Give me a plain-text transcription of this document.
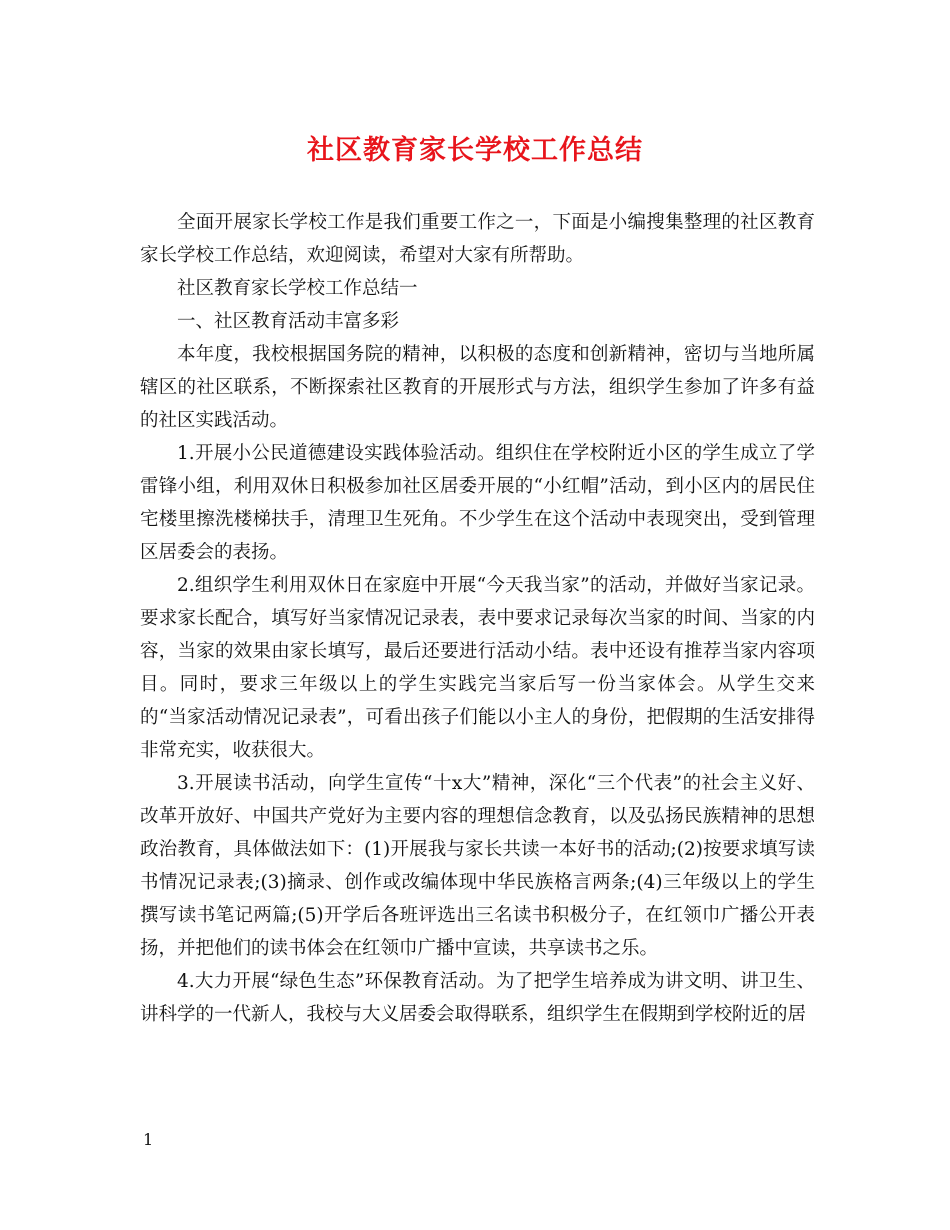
社区教育家长学校工作总结

全面开展家长学校工作是我们重要工作之一，下面是小编搜集整理的社区教育家长学校工作总结，欢迎阅读，希望对大家有所帮助。

社区教育家长学校工作总结一

一、社区教育活动丰富多彩

本年度，我校根据国务院的精神，以积极的态度和创新精神，密切与当地所属辖区的社区联系，不断探索社区教育的开展形式与方法，组织学生参加了许多有益的社区实践活动。

1.开展小公民道德建设实践体验活动。组织住在学校附近小区的学生成立了学雷锋小组，利用双休日积极参加社区居委开展的“小红帽”活动，到小区内的居民住宅楼里擦洗楼梯扶手，清理卫生死角。不少学生在这个活动中表现突出，受到管理区居委会的表扬。

2.组织学生利用双休日在家庭中开展“今天我当家”的活动，并做好当家记录。要求家长配合，填写好当家情况记录表，表中要求记录每次当家的时间、当家的内容，当家的效果由家长填写，最后还要进行活动小结。表中还设有推荐当家内容项目。同时，要求三年级以上的学生实践完当家后写一份当家体会。从学生交来的“当家活动情况记录表”，可看出孩子们能以小主人的身份，把假期的生活安排得非常充实，收获很大。

3.开展读书活动，向学生宣传“十x大”精神，深化“三个代表”的社会主义好、改革开放好、中国共产党好为主要内容的理想信念教育，以及弘扬民族精神的思想政治教育，具体做法如下：(1)开展我与家长共读一本好书的活动;(2)按要求填写读书情况记录表;(3)摘录、创作或改编体现中华民族格言两条;(4)三年级以上的学生撰写读书笔记两篇;(5)开学后各班评选出三名读书积极分子，在红领巾广播公开表扬，并把他们的读书体会在红领巾广播中宣读，共享读书之乐。

4.大力开展“绿色生态”环保教育活动。为了把学生培养成为讲文明、讲卫生、讲科学的一代新人，我校与大义居委会取得联系，组织学生在假期到学校附近的居

1
